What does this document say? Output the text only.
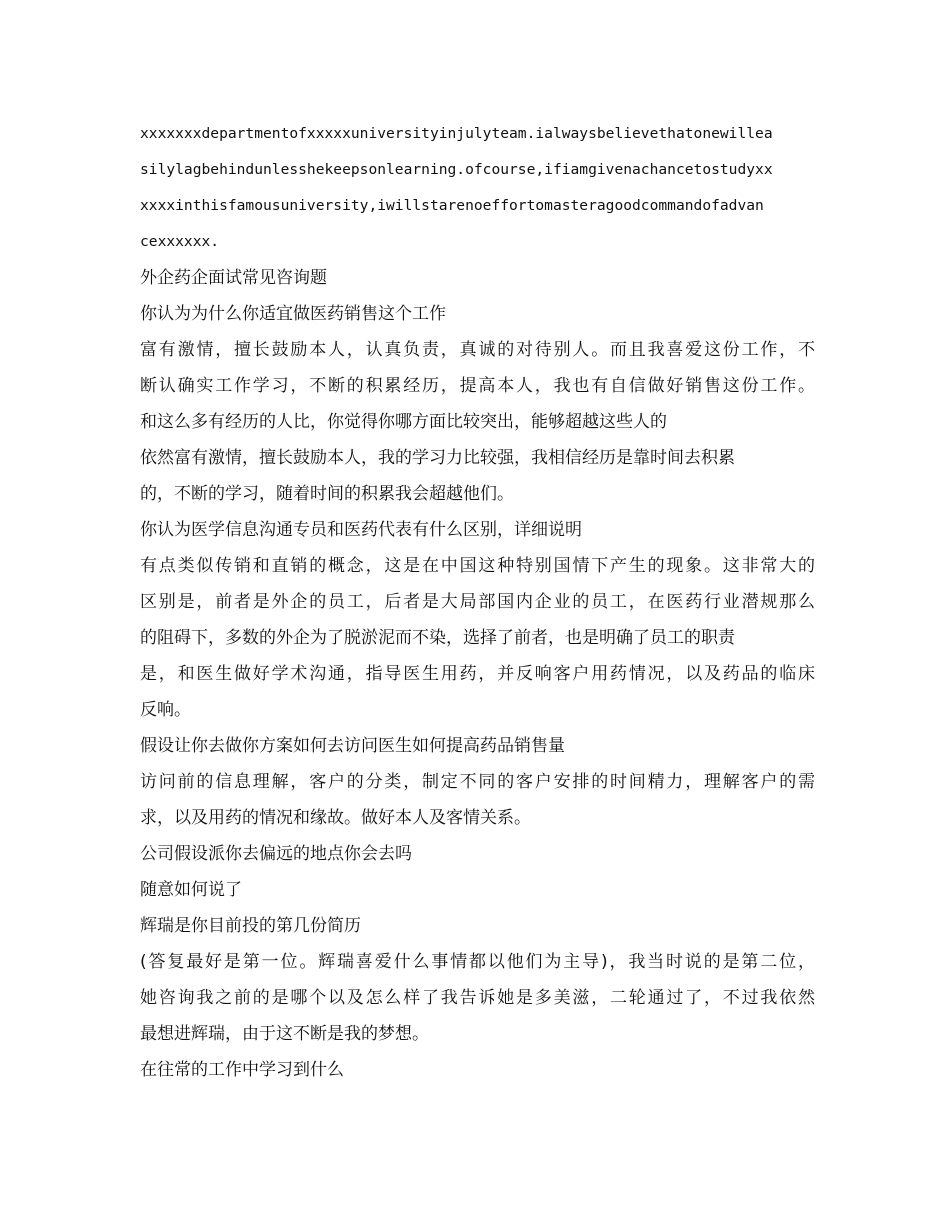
xxxxxxxdepartmentofxxxxxuniversityinjulyteam.ialwaysbelievethatonewillea
silylagbehindunlesshekeepsonlearning.ofcourse,ifiamgivenachancetostudyxx
xxxxinthisfamousuniversity,iwillstarenoeffortomasteragoodcommandofadvan
cexxxxxx.
外企药企面试常见咨询题
你认为为什么你适宜做医药销售这个工作
富有激情，擅长鼓励本人，认真负责，真诚的对待别人。而且我喜爱这份工作，不
断认确实工作学习，不断的积累经历，提高本人，我也有自信做好销售这份工作。
和这么多有经历的人比，你觉得你哪方面比较突出，能够超越这些人的
依然富有激情，擅长鼓励本人，我的学习力比较强，我相信经历是靠时间去积累
的，不断的学习，随着时间的积累我会超越他们。
你认为医学信息沟通专员和医药代表有什么区别，详细说明
有点类似传销和直销的概念，这是在中国这种特别国情下产生的现象。这非常大的
区别是，前者是外企的员工，后者是大局部国内企业的员工，在医药行业潜规那么
的阻碍下，多数的外企为了脱淤泥而不染，选择了前者，也是明确了员工的职责
是，和医生做好学术沟通，指导医生用药，并反响客户用药情况，以及药品的临床
反响。
假设让你去做你方案如何去访问医生如何提高药品销售量
访问前的信息理解，客户的分类，制定不同的客户安排的时间精力，理解客户的需
求，以及用药的情况和缘故。做好本人及客情关系。
公司假设派你去偏远的地点你会去吗
随意如何说了
辉瑞是你目前投的第几份简历
(答复最好是第一位。辉瑞喜爱什么事情都以他们为主导)，我当时说的是第二位，
她咨询我之前的是哪个以及怎么样了我告诉她是多美滋，二轮通过了，不过我依然
最想进辉瑞，由于这不断是我的梦想。
在往常的工作中学习到什么
